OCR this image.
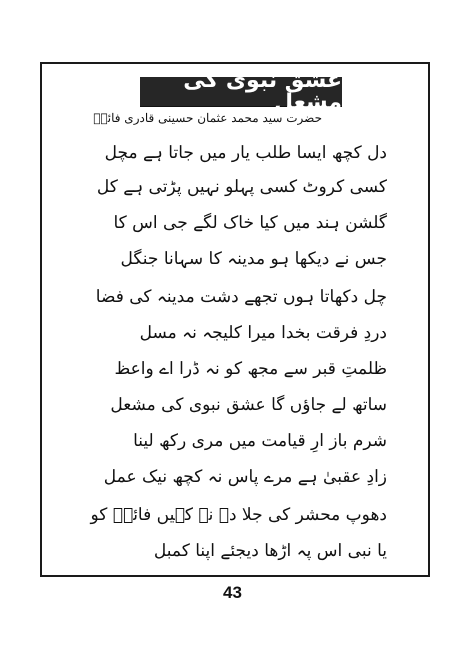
عشق نبوی کی مشعل
حضرت سید محمد عثمان حسینی قادری فائقؔ
دل کچھ ایسا طلب یار میں جاتا ہے مچل
کسی کروٹ کسی پہلو نہیں پڑتی ہے کل
گلشن ہند میں کیا خاک لگے جی اس کا
جس نے دیکھا ہو مدینہ کا سہانا جنگل
چل دکھاتا ہوں تجھے دشت مدینہ کی فضا
دردِ فرقت بخدا میرا کلیجہ نہ مسل
ظلمتِ قبر سے مجھ کو نہ ڈرا اے واعظ
ساتھ لے جاؤں گا عشق نبوی کی مشعل
شرم باز ارِ قیامت میں مری رکھ لینا
زادِ عقبیٰ ہے مرے پاس نہ کچھ نیک عمل
دھوپ محشر کی جلا دے نہ کہیں فائقؔ کو
یا نبی اس پہ اڑھا دیجئے اپنا کمبل
43
